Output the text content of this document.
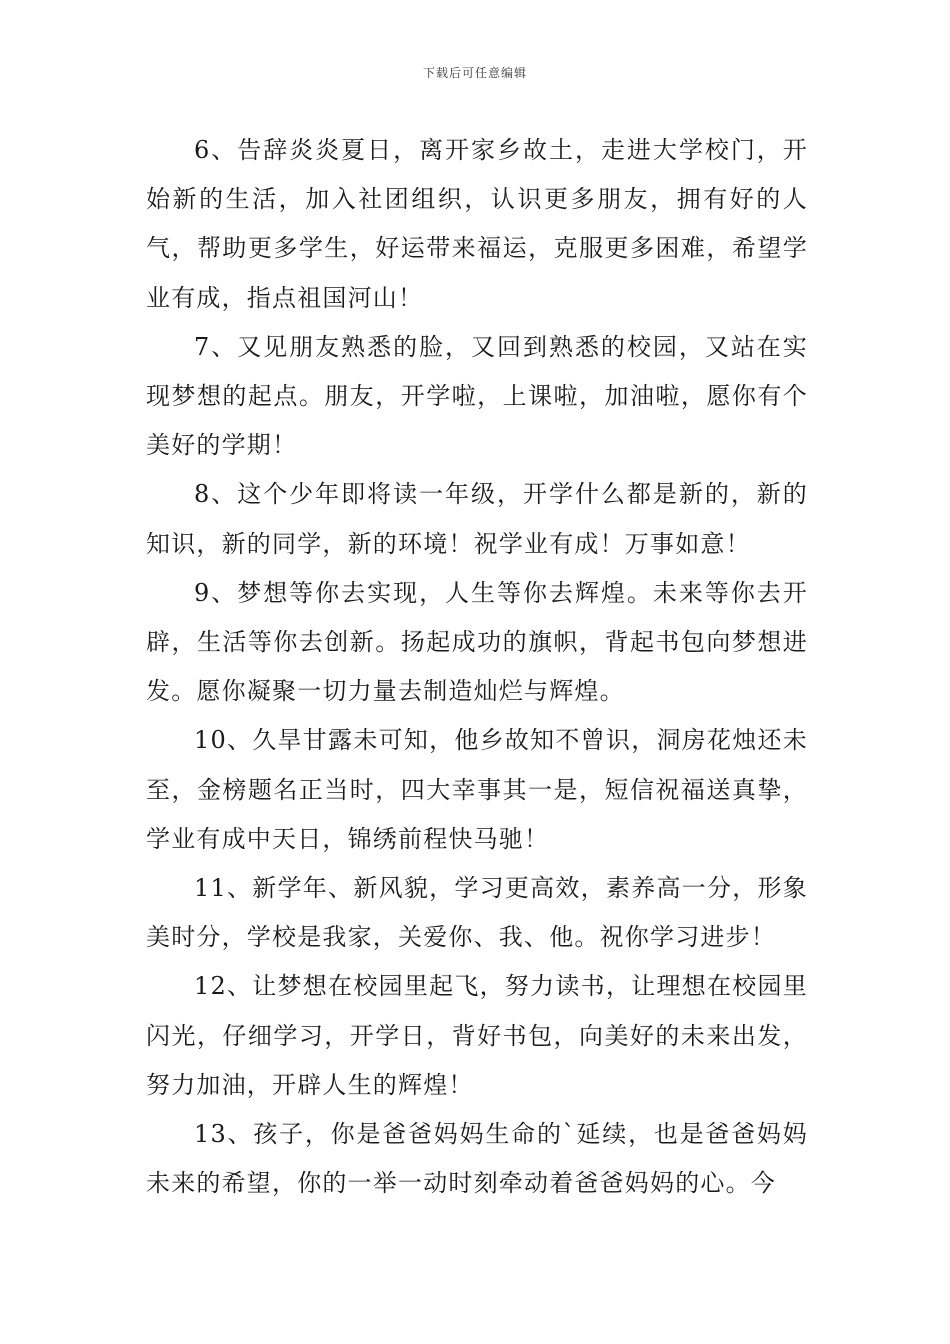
下载后可任意编辑

6、告辞炎炎夏日，离开家乡故土，走进大学校门，开始新的生活，加入社团组织，认识更多朋友，拥有好的人气，帮助更多学生，好运带来福运，克服更多困难，希望学业有成，指点祖国河山！

7、又见朋友熟悉的脸，又回到熟悉的校园，又站在实现梦想的起点。朋友，开学啦，上课啦，加油啦，愿你有个美好的学期！

8、这个少年即将读一年级，开学什么都是新的，新的知识，新的同学，新的环境！祝学业有成！万事如意！

9、梦想等你去实现，人生等你去辉煌。未来等你去开辟，生活等你去创新。扬起成功的旗帜，背起书包向梦想进发。愿你凝聚一切力量去制造灿烂与辉煌。

10、久旱甘露未可知，他乡故知不曾识，洞房花烛还未至，金榜题名正当时，四大幸事其一是，短信祝福送真挚，学业有成中天日，锦绣前程快马驰！

11、新学年、新风貌，学习更高效，素养高一分，形象美时分，学校是我家，关爱你、我、他。祝你学习进步！

12、让梦想在校园里起飞，努力读书，让理想在校园里闪光，仔细学习，开学日，背好书包，向美好的未来出发，努力加油，开辟人生的辉煌！

13、孩子，你是爸爸妈妈生命的`延续，也是爸爸妈妈未来的希望，你的一举一动时刻牵动着爸爸妈妈的心。今
